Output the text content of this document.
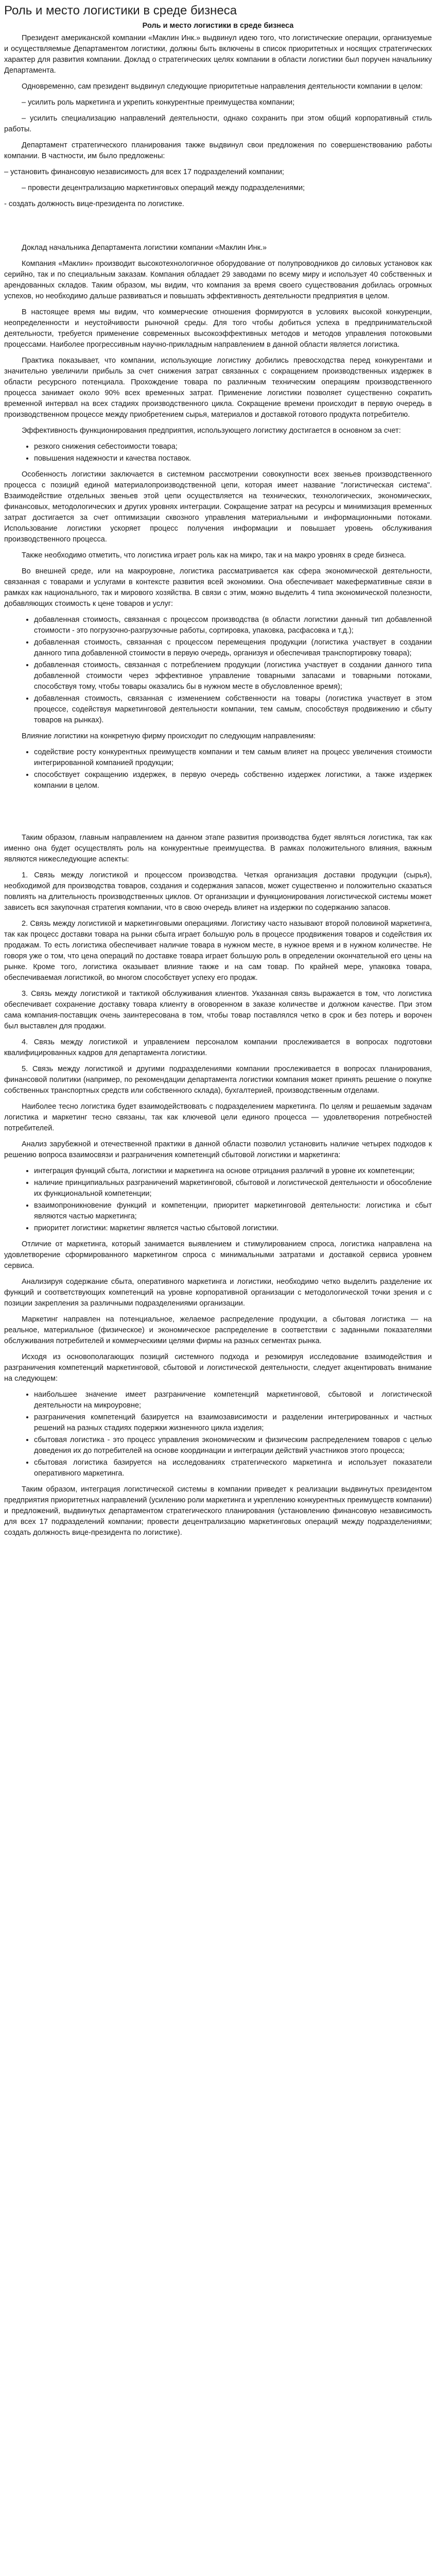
Роль и место логистики в среде бизнеса
Роль и место логистики в среде бизнеса

Президент американской компании «Маклин Инк.» выдвинул идею того, что логистические операции, организуемые и осуществляемые Департаментом логистики, должны быть включены в список приоритетных и носящих стратегических характер для развития компании. Доклад о стратегических целях компании в области логистики был поручен начальнику Департамента.

Одновременно, сам президент выдвинул следующие приоритетные направления деятельности компании в целом:

– усилить роль маркетинга и укрепить конкурентные преимущества компании;

– усилить специализацию направлений деятельности, однако сохранить при этом общий корпоративный стиль работы.

Департамент стратегического планирования также выдвинул свои предложения по совершенствованию работы компании. В частности, им было предложены:

– установить финансовую независимость для всех 17 подразделений компании;

– провести децентрализацию маркетинговых операций между подразделениями;

- создать должность вице-президента по логистике.

Доклад начальника Департамента логистики компании «Маклин Инк.»

Компания «Маклин» производит высокотехнологичное оборудование от полупроводников до силовых установок как серийно, так и по специальным заказам. Компания обладает 29 заводами по всему миру и использует 40 собственных и арендованных складов. Таким образом, мы видим, что компания за время своего существования добилась огромных успехов, но необходимо дальше развиваться и повышать эффективность деятельности предприятия в целом.

В настоящее время мы видим, что коммерческие отношения формируются в условиях высокой конкуренции, неопределенности и неустойчивости рыночной среды. Для того чтобы добиться успеха в предпринимательской деятельности, требуется применение современных высокоэффективных методов и методов управления потоковыми процессами. Наиболее прогрессивным научно-прикладным направлением в данной области является логистика.

Практика показывает, что компании, использующие логистику добились превосходства перед конкурентами и значительно увеличили прибыль за счет снижения затрат связанных с сокращением производственных издержек в области ресурсного потенциала. Прохождение товара по различным техническим операциям производственного процесса занимает около 90% всех временных затрат. Применение логистики позволяет существенно сократить временной интервал на всех стадиях производственного цикла. Сокращение времени происходит в первую очередь в производственном процессе между приобретением сырья, материалов и доставкой готового продукта потребителю.

Эффективность функционирования предприятия, использующего логистику достигается в основном за счет:

• резкого снижения себестоимости товара;
• повышения надежности и качества поставок.

Особенность логистики заключается в системном рассмотрении совокупности всех звеньев производственного процесса с позиций единой материалопроизводственной цепи, которая имеет название "логистическая система". Взаимодействие отдельных звеньев этой цепи осуществляется на технических, технологических, экономических, финансовых, методологических и других уровнях интеграции. Сокращение затрат на ресурсы и минимизация временных затрат достигается за счет оптимизации сквозного управления материальными и информационными потоками. Использование логистики ускоряет процесс получения информации и повышает уровень обслуживания производственного процесса.

Также необходимо отметить, что логистика играет роль как на микро, так и на макро уровнях в среде бизнеса.

Во внешней среде, или на макроуровне, логистика рассматривается как сфера экономической деятельности, связанная с товарами и услугами в контексте развития всей экономики. Она обеспечивает макефермативные связи в рамках как национального, так и мирового хозяйства. В связи с этим, можно выделить 4 типа экономической полезности, добавляющих стоимость к цене товаров и услуг:

• добавленная стоимость, связанная с процессом производства (в области логистики данный тип добавленной стоимости - это погрузочно-разгрузочные работы, сортировка, упаковка, расфасовка и т.д.);
• добавленная стоимость, связанная с процессом перемещения продукции (логистика участвует в создании данного типа добавленной стоимости в первую очередь, организуя и обеспечивая транспортировку товара);
• добавленная стоимость, связанная с потреблением продукции (логистика участвует в создании данного типа добавленной стоимости через эффективное управление товарными запасами и товарными потоками, способствуя тому, чтобы товары оказались бы в нужном месте в обусловленное время);
• добавленная стоимость, связанная с изменением собственности на товары (логистика участвует в этом процессе, содействуя маркетинговой деятельности компании, тем самым, способствуя продвижению и сбыту товаров на рынках).

Влияние логистики на конкретную фирму происходит по следующим направлениям:

• содействие росту конкурентных преимуществ компании и тем самым влияет на процесс увеличения стоимости интегрированной компанией продукции;
• способствует сокращению издержек, в первую очередь собственно издержек логистики, а также издержек компании в целом.

Таким образом, главным направлением на данном этапе развития производства будет являться логистика, так как именно она будет осуществлять роль на конкурентные преимущества. В рамках положительного влияния, важным являются нижеследующие аспекты:

1. Связь между логистикой и процессом производства. Четкая организация доставки продукции (сырья), необходимой для производства товаров, создания и содержания запасов, может существенно и положительно сказаться повлиять на длительность производственных циклов. От организации и функционирования логистической системы может зависеть вся закупочная стратегия компании, что в свою очередь влияет на издержки по содержанию запасов.

2. Связь между логистикой и маркетинговыми операциями. Логистику часто называют второй половиной маркетинга, так как процесс доставки товара на рынки сбыта играет большую роль в процессе продвижения товаров и содействия их продажам. То есть логистика обеспечивает наличие товара в нужном месте, в нужное время и в нужном количестве. Не говоря уже о том, что цена операций по доставке товара играет большую роль в определении окончательной его цены на рынке. Кроме того, логистика оказывает влияние также и на сам товар. По крайней мере, упаковка товара, обеспечиваемая логистикой, во многом способствует успеху его продаж.

3. Связь между логистикой и тактикой обслуживания клиентов. Указанная связь выражается в том, что логистика обеспечивает сохранение доставку товара клиенту в оговоренном в заказе количестве и должном качестве. При этом сама компания-поставщик очень заинтересована в том, чтобы товар поставлялся четко в срок и без потерь и ворочен был выставлен для продажи.

4. Связь между логистикой и управлением персоналом компании прослеживается в вопросах подготовки квалифицированных кадров для департамента логистики.

5. Связь между логистикой и другими подразделениями компании прослеживается в вопросах планирования, финансовой политики (например, по рекомендации департамента логистики компания может принять решение о покупке собственных транспортных средств или собственного склада), бухгалтерией, производственным отделами.

Наиболее тесно логистика будет взаимодействовать с подразделением маркетинга. По целям и решаемым задачам логистика и маркетинг тесно связаны, так как ключевой цели единого процесса — удовлетворения потребностей потребителей.

Анализ зарубежной и отечественной практики в данной области позволил установить наличие четырех подходов к решению вопроса взаимосвязи и разграничения компетенций сбытовой логистики и маркетинга:

• интеграция функций сбыта, логистики и маркетинга на основе отрицания различий в уровне их компетенции;
• наличие принципиальных разграничений маркетинговой, сбытовой и логистической деятельности и обособление их функциональной компетенции;
• взаимопроникновение функций и компетенции, приоритет маркетинговой деятельности: логистика и сбыт являются частью маркетинга;
• приоритет логистики: маркетинг является частью сбытовой логистики.

Отличие от маркетинга, который занимается выявлением и стимулированием спроса, логистика направлена на удовлетворение сформированного маркетингом спроса с минимальными затратами и доставкой сервиса уровнем сервиса.

Анализируя содержание сбыта, оперативного маркетинга и логистики, необходимо четко выделить разделение их функций и соответствующих компетенций на уровне корпоративной организации с методологической точки зрения и с позиции закрепления за различными подразделениями организации.

Маркетинг направлен на потенциальное, желаемое распределение продукции, а сбытовая логистика — на реальное, материальное (физическое) и экономическое распределение в соответствии с заданными показателями обслуживания потребителей и коммерческими целями фирмы на разных сегментах рынка.

Исходя из основополагающих позиций системного подхода и резюмируя исследование взаимодействия и разграничения компетенций маркетинговой, сбытовой и логистической деятельности, следует акцентировать внимание на следующем:

• наибольшее значение имеет разграничение компетенций маркетинговой, сбытовой и логистической деятельности на микроуровне;
• разграничения компетенций базируется на взаимозависимости и разделении интегрированных и частных решений на разных стадиях подержки жизненного цикла изделия;
• сбытовая логистика - это процесс управления экономическим и физическим распределением товаров с целью доведения их до потребителей на основе координации и интеграции действий участников этого процесса;
• сбытовая логистика базируется на исследованиях стратегического маркетинга и использует показатели оперативного маркетинга.

Таким образом, интеграция логистической системы в компании приведет к реализации выдвинутых президентом предприятия приоритетных направлений (усилению роли маркетинга и укреплению конкурентных преимуществ компании) и предложений, выдвинутых департаментом стратегического планирования (установлению финансовую независимость для всех 17 подразделений компании; провести децентрализацию маркетинговых операций между подразделениями; создать должность вице-президента по логистике).
